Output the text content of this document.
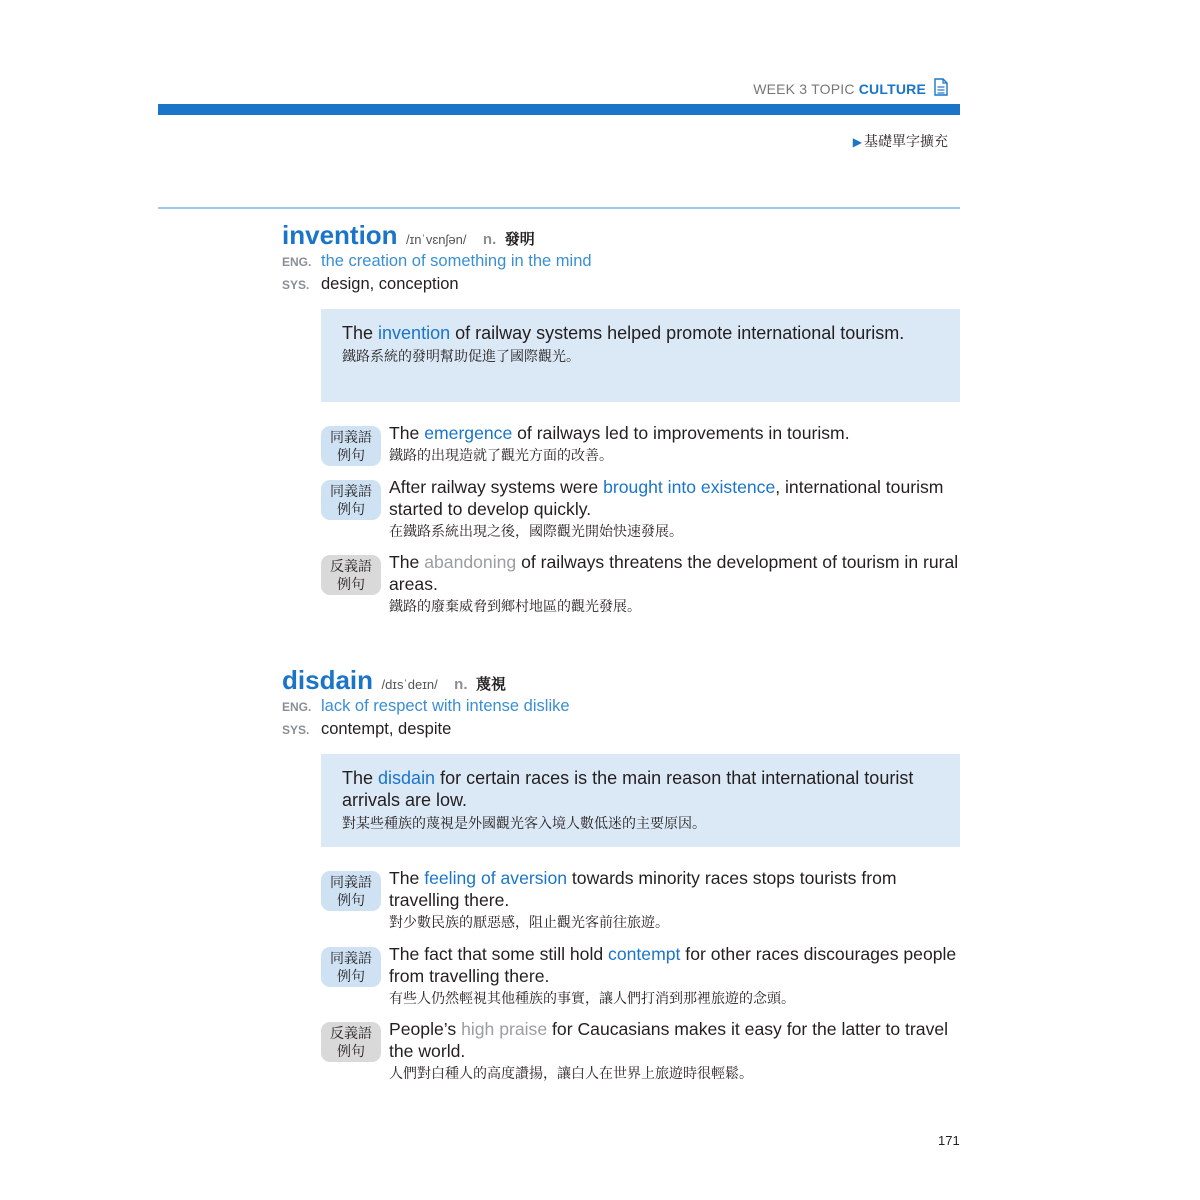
WEEK 3 TOPIC CULTURE
▶ 基礎單字擴充
invention /ɪnˈvɛnʃən/ n. 發明
ENG. the creation of something in the mind
SYS. design, conception
The invention of railway systems helped promote international tourism.
鐵路系統的發明幫助促進了國際觀光。
同義語
例句
The emergence of railways led to improvements in tourism.
鐵路的出現造就了觀光方面的改善。
同義語
例句
After railway systems were brought into existence, international tourism started to develop quickly.
在鐵路系統出現之後，國際觀光開始快速發展。
反義語
例句
The abandoning of railways threatens the development of tourism in rural areas.
鐵路的廢棄威脅到鄉村地區的觀光發展。
disdain /dɪsˈdeɪn/ n. 蔑視
ENG. lack of respect with intense dislike
SYS. contempt, despite
The disdain for certain races is the main reason that international tourist arrivals are low.
對某些種族的蔑視是外國觀光客入境人數低迷的主要原因。
同義語
例句
The feeling of aversion towards minority races stops tourists from travelling there.
對少數民族的厭惡感，阻止觀光客前往旅遊。
同義語
例句
The fact that some still hold contempt for other races discourages people from travelling there.
有些人仍然輕視其他種族的事實，讓人們打消到那裡旅遊的念頭。
反義語
例句
People’s high praise for Caucasians makes it easy for the latter to travel the world.
人們對白種人的高度讚揚，讓白人在世界上旅遊時很輕鬆。
171
